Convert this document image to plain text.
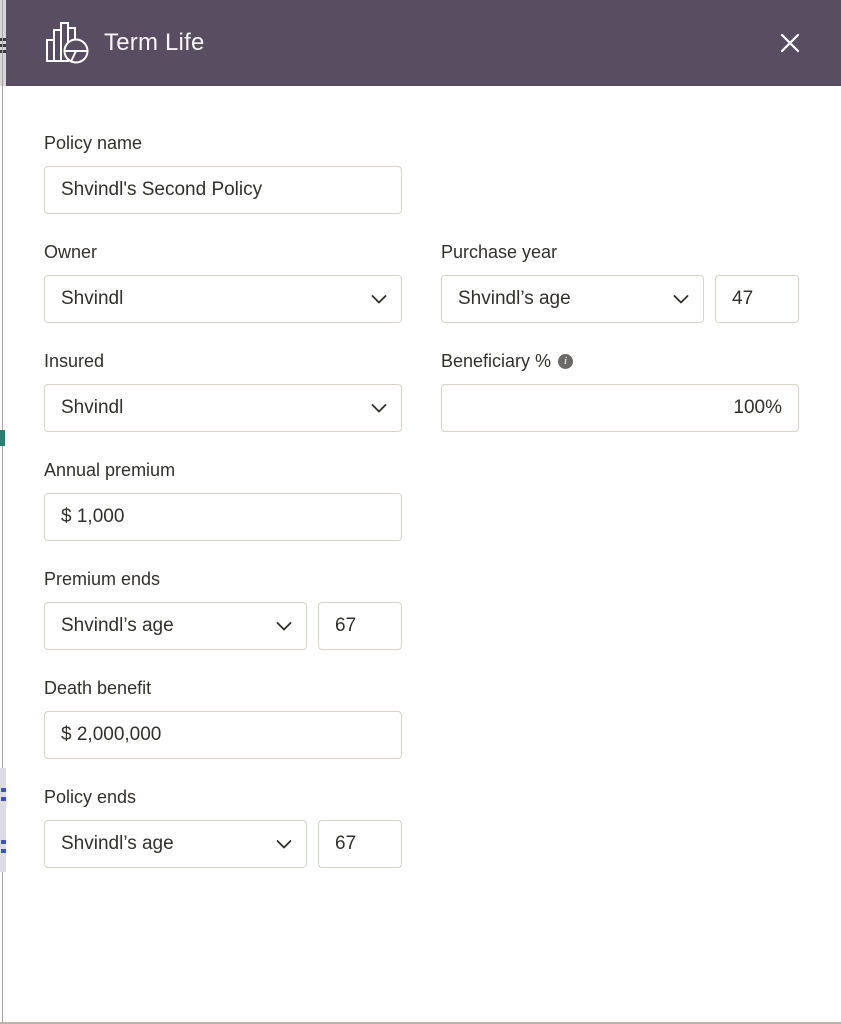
Term Life
Policy name
Shvindl's Second Policy
Owner
Shvindl
Purchase year
Shvindl’s age
47
Insured
Shvindl
Beneficiary %	i
100%
Annual premium
$ 1,000
Premium ends
Shvindl’s age
67
Death benefit
$ 2,000,000
Policy ends
Shvindl’s age
67
